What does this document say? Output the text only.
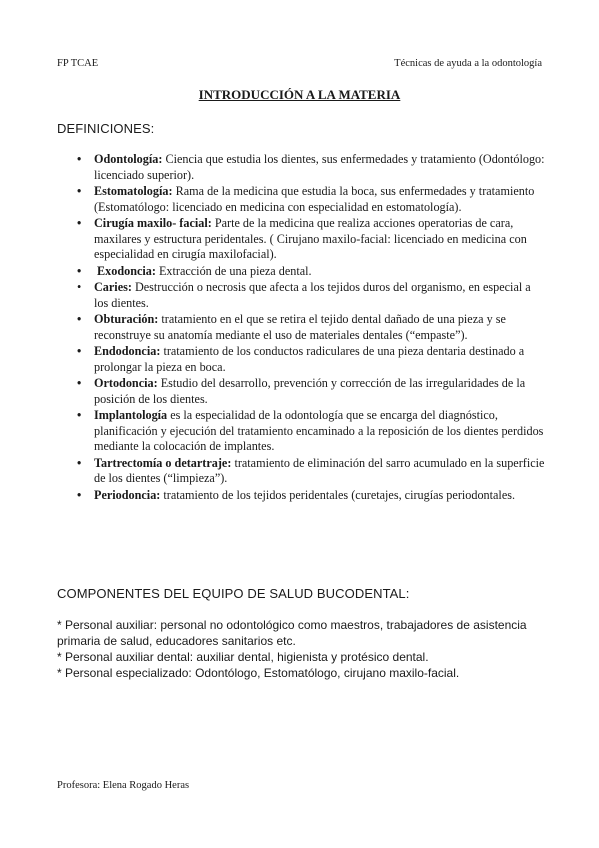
FP TCAE	Técnicas de ayuda a la odontología
INTRODUCCIÓN A LA MATERIA
DEFINICIONES:
• Odontología: Ciencia que estudia los dientes, sus enfermedades y tratamiento (Odontólogo: licenciado superior).
• Estomatología: Rama de la medicina que estudia la boca, sus enfermedades y tratamiento (Estomatólogo: licenciado en medicina con especialidad en estomatología).
• Cirugía maxilo- facial: Parte de la medicina que realiza acciones operatorias de cara, maxilares y estructura peridentales. ( Cirujano maxilo-facial: licenciado en medicina con especialidad en cirugía maxilofacial).
• Exodoncia: Extracción de una pieza dental.
• Caries: Destrucción o necrosis que afecta a los tejidos duros del organismo, en especial a los dientes.
• Obturación: tratamiento en el que se retira el tejido dental dañado de una pieza y se reconstruye su anatomía mediante el uso de materiales dentales (“empaste”).
• Endodoncia: tratamiento de los conductos radiculares de una pieza dentaria destinado a prolongar la pieza en boca.
• Ortodoncia: Estudio del desarrollo, prevención y corrección de las irregularidades de la posición de los dientes.
• Implantología es la especialidad de la odontología que se encarga del diagnóstico, planificación y ejecución del tratamiento encaminado a la reposición de los dientes perdidos mediante la colocación de implantes.
• Tartrectomía o detartraje: tratamiento de eliminación del sarro acumulado en la superficie de los dientes (“limpieza”).
• Periodoncia: tratamiento de los tejidos peridentales (curetajes, cirugías periodontales.
COMPONENTES DEL EQUIPO DE SALUD BUCODENTAL:

* Personal auxiliar: personal no odontológico como maestros, trabajadores de asistencia primaria de salud, educadores sanitarios etc.

* Personal auxiliar dental: auxiliar dental, higienista y protésico dental.

* Personal especializado: Odontólogo, Estomatólogo, cirujano maxilo-facial.

Profesora: Elena Rogado Heras
